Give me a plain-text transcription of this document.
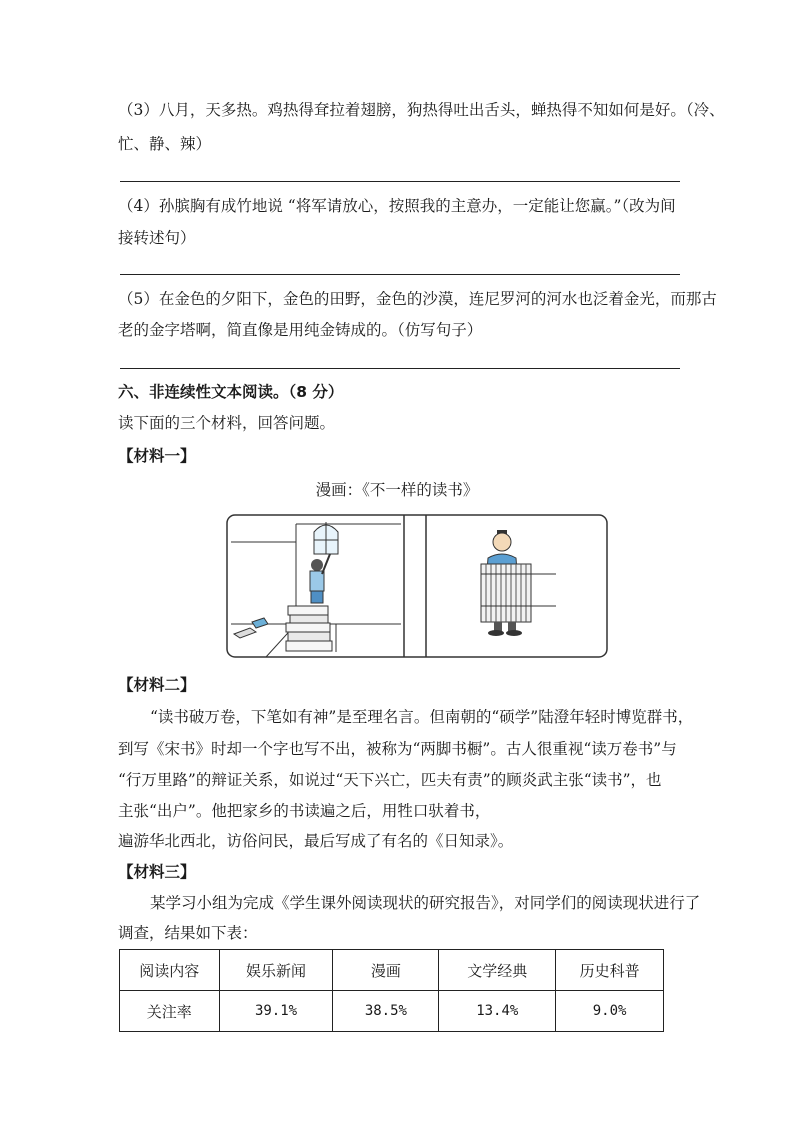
（3）八月，天多热。鸡热得耷拉着翅膀，狗热得吐出舌头，蝉热得不知如何是好。（冷、
忙、静、辣）
（4）孙膑胸有成竹地说 “将军请放心，按照我的主意办，一定能让您赢。”（改为间
接转述句）
（5）在金色的夕阳下，金色的田野，金色的沙漠，连尼罗河的河水也泛着金光，而那古
老的金字塔啊，简直像是用纯金铸成的。（仿写句子）
六、非连续性文本阅读。（8 分）
读下面的三个材料，回答问题。
【材料一】
漫画：《不一样的读书》
【材料二】
“读书破万卷，下笔如有神”是至理名言。但南朝的“硕学”陆澄年轻时博览群书，
到写《宋书》时却一个字也写不出，被称为“两脚书橱”。古人很重视“读万卷书”与
“行万里路”的辩证关系，如说过“天下兴亡，匹夫有责”的顾炎武主张“读书”，也
主张“出户”。他把家乡的书读遍之后，用牲口驮着书，
遍游华北西北，访俗问民，最后写成了有名的《日知录》。
【材料三】
某学习小组为完成《学生课外阅读现状的研究报告》，对同学们的阅读现状进行了
调查，结果如下表：
阅读内容	娱乐新闻	漫画	文学经典	历史科普
关注率	39.1%	38.5%	13.4%	9.0%
